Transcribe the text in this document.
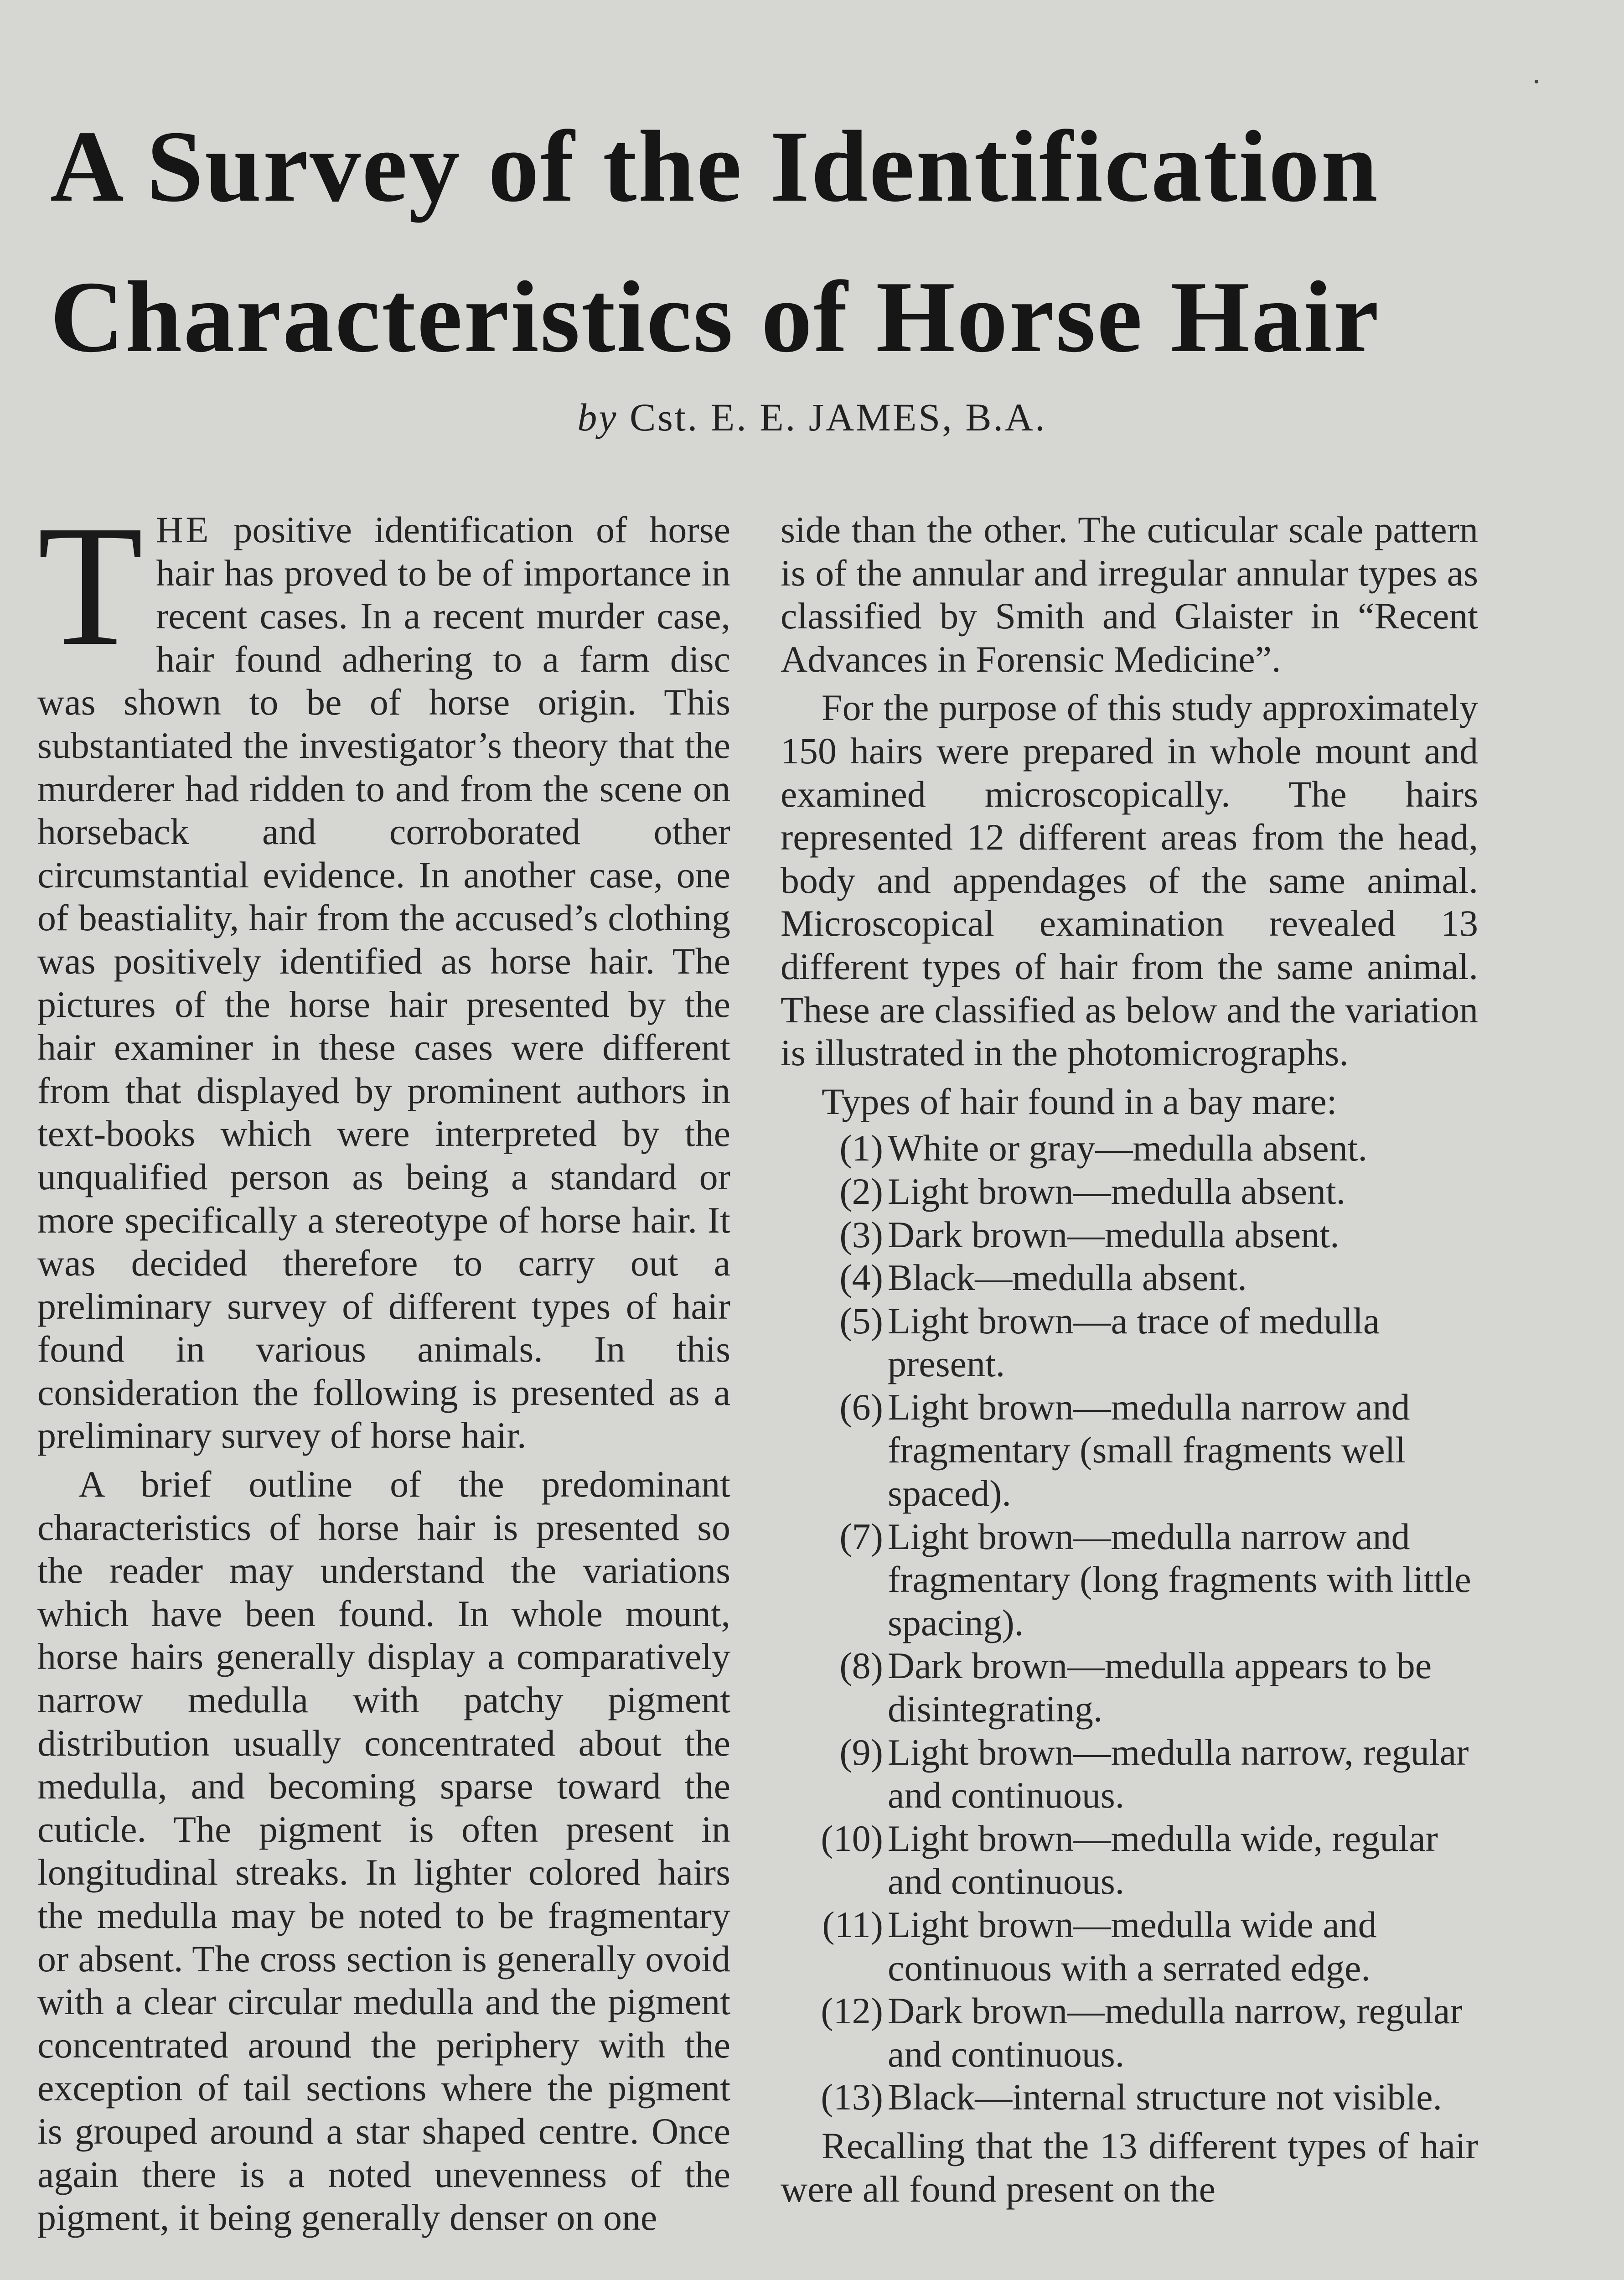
A Survey of the Identification Characteristics of Horse Hair
by Cst. E. E. JAMES, B.A.

THE positive identification of horse hair has proved to be of importance in recent cases. In a recent murder case, hair found adhering to a farm disc was shown to be of horse origin. This substantiated the investigator’s theory that the murderer had ridden to and from the scene on horseback and corroborated other circumstantial evidence. In another case, one of beastiality, hair from the accused’s clothing was positively identified as horse hair. The pictures of the horse hair presented by the hair examiner in these cases were different from that displayed by prominent authors in text-books which were interpreted by the unqualified person as being a standard or more specifically a stereotype of horse hair. It was decided therefore to carry out a preliminary survey of different types of hair found in various animals. In this consideration the following is presented as a preliminary survey of horse hair.

A brief outline of the predominant characteristics of horse hair is presented so the reader may understand the variations which have been found. In whole mount, horse hairs generally display a comparatively narrow medulla with patchy pigment distribution usually concentrated about the medulla, and becoming sparse toward the cuticle. The pigment is often present in longitudinal streaks. In lighter colored hairs the medulla may be noted to be fragmentary or absent. The cross section is generally ovoid with a clear circular medulla and the pigment concentrated around the periphery with the exception of tail sections where the pigment is grouped around a star shaped centre. Once again there is a noted unevenness of the pigment, it being generally denser on one

side than the other. The cuticular scale pattern is of the annular and irregular annular types as classified by Smith and Glaister in “Recent Advances in Forensic Medicine”.

For the purpose of this study approximately 150 hairs were prepared in whole mount and examined microscopically. The hairs represented 12 different areas from the head, body and appendages of the same animal. Microscopical examination revealed 13 different types of hair from the same animal. These are classified as below and the variation is illustrated in the photomicrographs.

Types of hair found in a bay mare:

(1) White or gray—medulla absent.
(2) Light brown—medulla absent.
(3) Dark brown—medulla absent.
(4) Black—medulla absent.
(5) Light brown—a trace of medulla present.
(6) Light brown—medulla narrow and fragmentary (small fragments well spaced).
(7) Light brown—medulla narrow and fragmentary (long fragments with little spacing).
(8) Dark brown—medulla appears to be disintegrating.
(9) Light brown—medulla narrow, regular and continuous.
(10) Light brown—medulla wide, regular and continuous.
(11) Light brown—medulla wide and continuous with a serrated edge.
(12) Dark brown—medulla narrow, regular and continuous.
(13) Black—internal structure not visible.

Recalling that the 13 different types of hair were all found present on the
